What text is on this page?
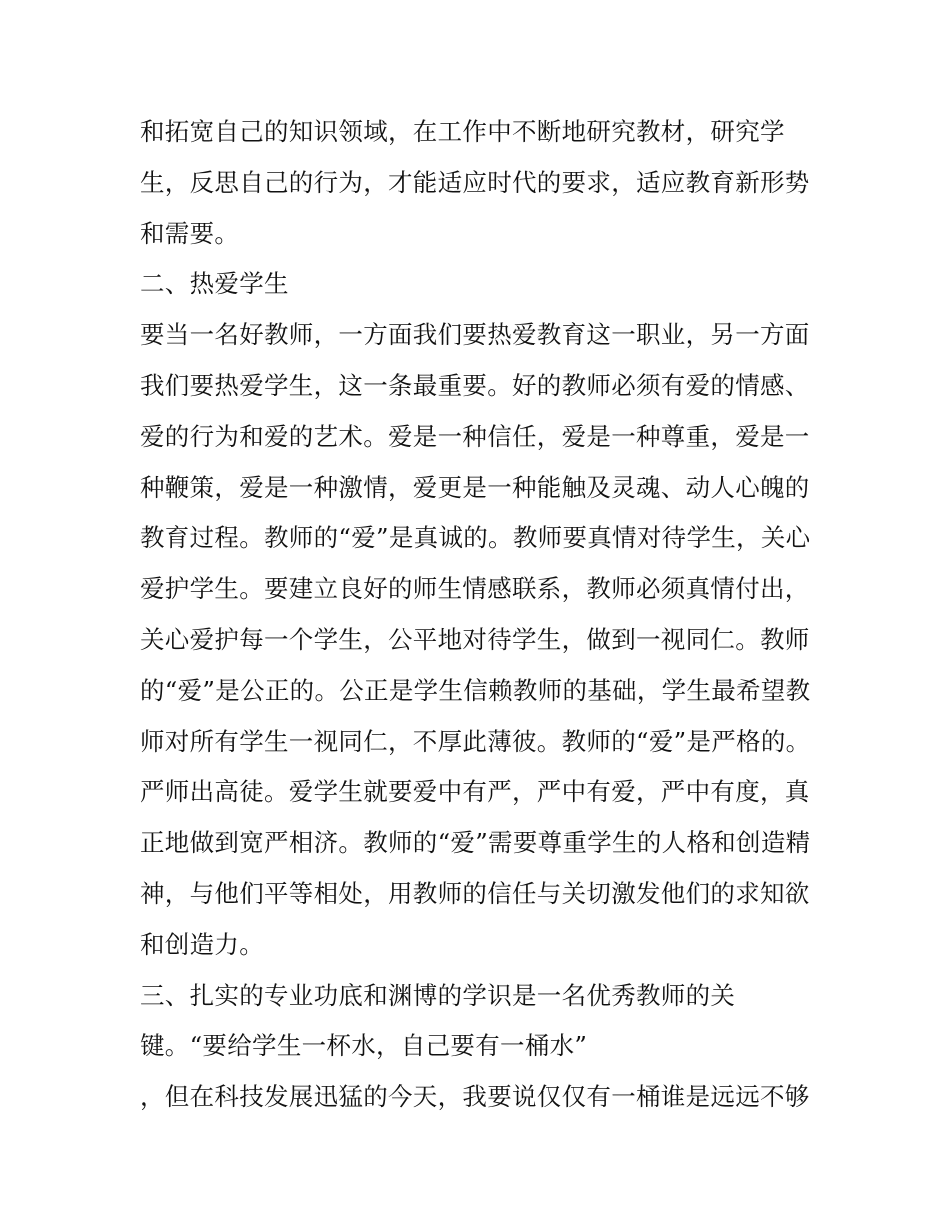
和拓宽自己的知识领域，在工作中不断地研究教材，研究学
生，反思自己的行为，才能适应时代的要求，适应教育新形势
和需要。
二、热爱学生
要当一名好教师，一方面我们要热爱教育这一职业，另一方面
我们要热爱学生，这一条最重要。好的教师必须有爱的情感、
爱的行为和爱的艺术。爱是一种信任，爱是一种尊重，爱是一
种鞭策，爱是一种激情，爱更是一种能触及灵魂、动人心魄的
教育过程。教师的“爱”是真诚的。教师要真情对待学生，关心
爱护学生。要建立良好的师生情感联系，教师必须真情付出，
关心爱护每一个学生，公平地对待学生，做到一视同仁。教师
的“爱”是公正的。公正是学生信赖教师的基础，学生最希望教
师对所有学生一视同仁，不厚此薄彼。教师的“爱”是严格的。
严师出高徒。爱学生就要爱中有严，严中有爱，严中有度，真
正地做到宽严相济。教师的“爱”需要尊重学生的人格和创造精
神，与他们平等相处，用教师的信任与关切激发他们的求知欲
和创造力。
三、扎实的专业功底和渊博的学识是一名优秀教师的关
键。“要给学生一杯水，自己要有一桶水”
，但在科技发展迅猛的今天，我要说仅仅有一桶谁是远远不够
